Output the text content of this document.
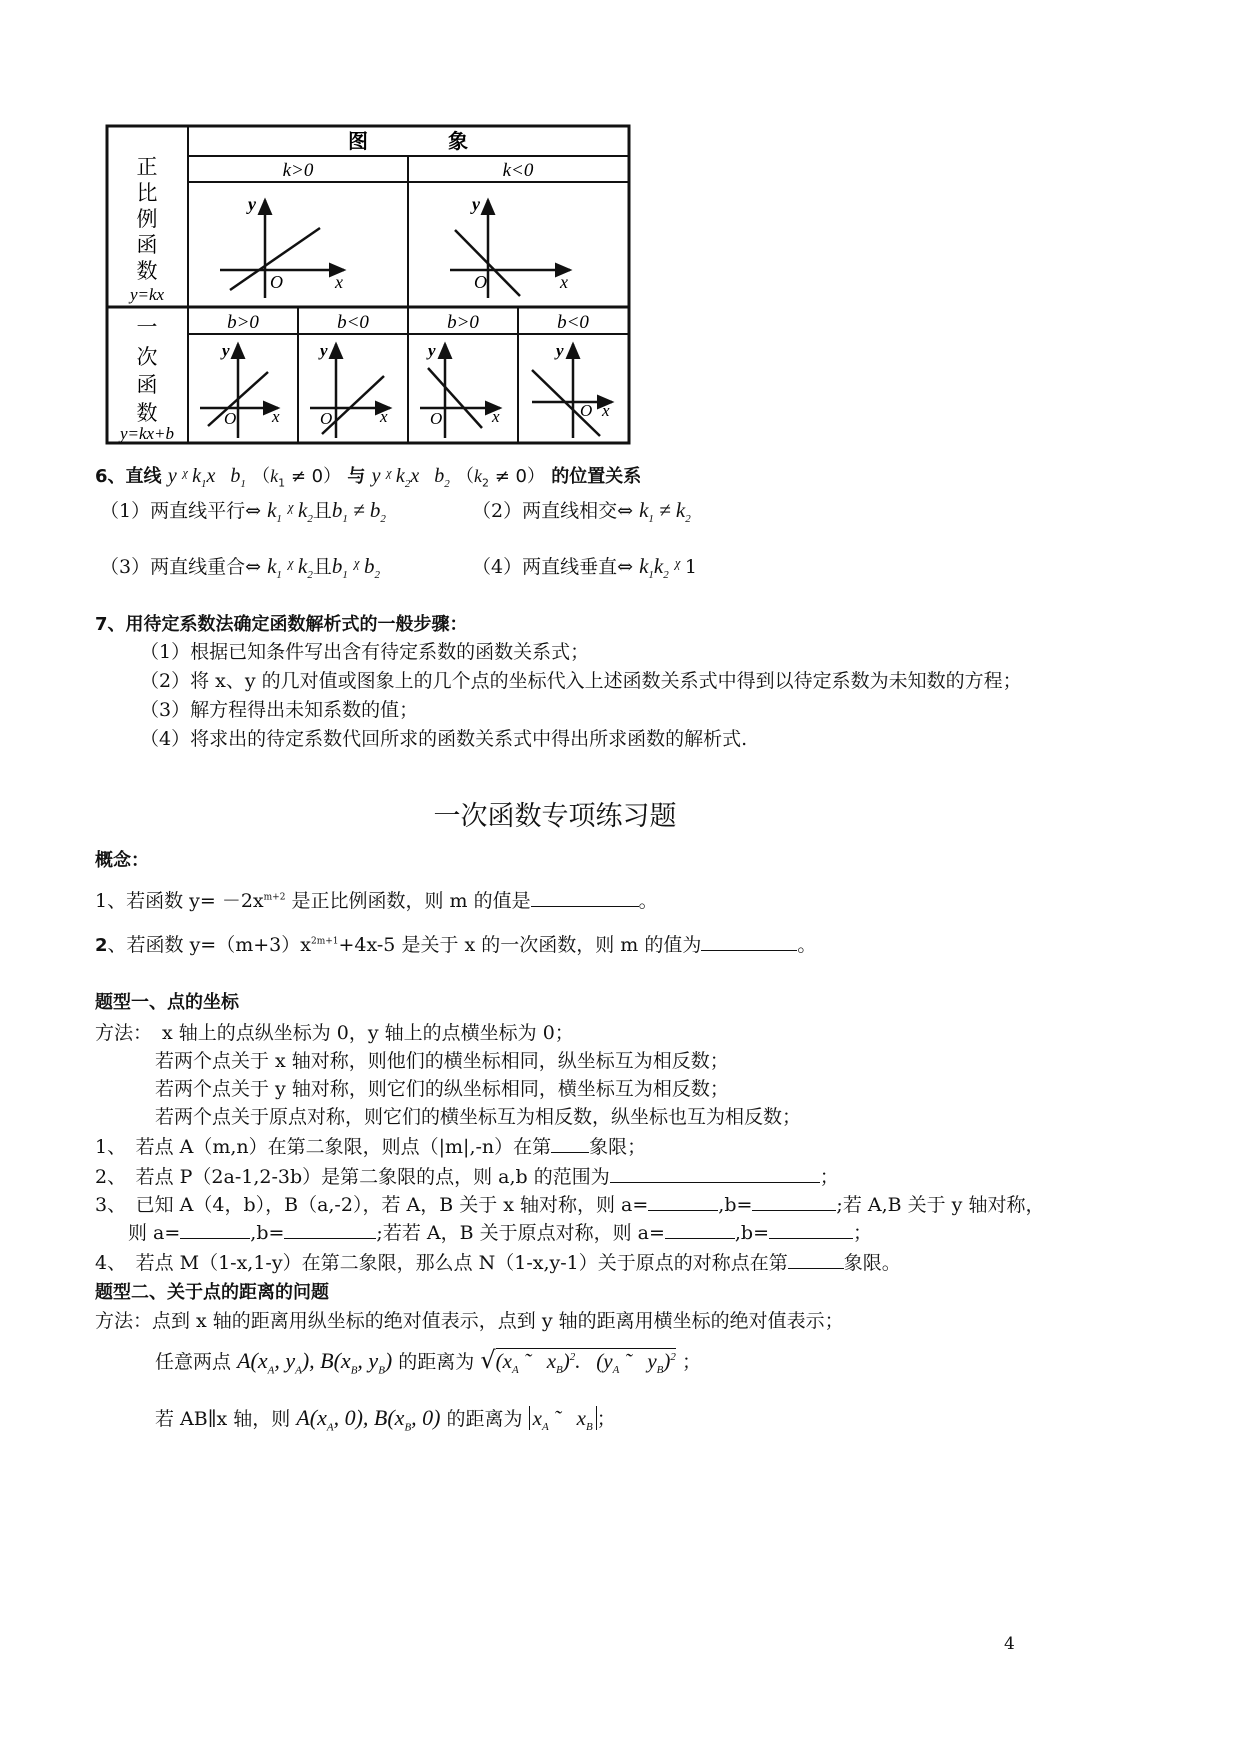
图　　　　象
正
比
例
函
数
y=kx
k>0	k<0
y
x
O
y
x
O
一
次
函
数
y=kx+b
b>0	b<0	b>0	b<0
y
x
O
y
x
O
y
x
O
y
x
O
6、直线 y ᵡ $k_1x$   $b_1$ $(k_1 \ne 0)$ 与 y ᵡ $k_2x$   $b_2$ $(k_2 \ne 0)$ 的位置关系
（1）两直线平行⇔ $k_1$ ᵡ $k_2$且$b_1 \ne b_2$	（2）两直线相交⇔ $k_1 \ne k_2$
（3）两直线重合⇔ $k_1$ ᵡ $k_2$且$b_1$ ᵡ $b_2$	（4）两直线垂直⇔ $k_1k_2$ ᵡ 1
7、用待定系数法确定函数解析式的一般步骤：
（1）根据已知条件写出含有待定系数的函数关系式；
（2）将 x、y 的几对值或图象上的几个点的坐标代入上述函数关系式中得到以待定系数为未知数的方程；
（3）解方程得出未知系数的值；
（4）将求出的待定系数代回所求的函数关系式中得出所求函数的解析式.
一次函数专项练习题
概念：
1、若函数 $y= -2x^{m+2}$ 是正比例函数，则 m 的值是	。
2、若函数 $y=(m+3)x^{2m+1}+4x-5$ 是关于 x 的一次函数，则 m 的值为	。
题型一、点的坐标
方法： x 轴上的点纵坐标为 0，y 轴上的点横坐标为 0；
若两个点关于 x 轴对称，则他们的横坐标相同，纵坐标互为相反数；
若两个点关于 y 轴对称，则它们的纵坐标相同，横坐标互为相反数；
若两个点关于原点对称，则它们的横坐标互为相反数，纵坐标也互为相反数；
1、　若点 A（m,n）在第二象限，则点（|m|,-n）在第 象限；
2、　若点 P（2a-1,2-3b）是第二象限的点，则 a,b 的范围为	；
3、　已知 A（4，b），B（a,-2），若 A，B 关于 x 轴对称，则 a=	,b=	;若 A,B 关于 y 轴对称，
则 a=	,b=	;若若 A，B 关于原点对称，则 a=	,b=	；
4、　若点 M（1-x,1-y）在第二象限，那么点 N（1-x,y-1）关于原点的对称点在第	象限。
题型二、关于点的距离的问题
方法：点到 x 轴的距离用纵坐标的绝对值表示，点到 y 轴的距离用横坐标的绝对值表示；
任意两点 $A(x_A$, $y_A$), $B(x_B$, $y_B$) 的距离为 $√(x_A$ ˜   $x_B)^2$.   ($y_A$ ˜   $y_B)^2$ ；
若 AB∥x 轴，则 $A(x_A$, 0), $B(x_B$, 0) 的距离为 $x_A$ ˜   $x_B$ ；
4
